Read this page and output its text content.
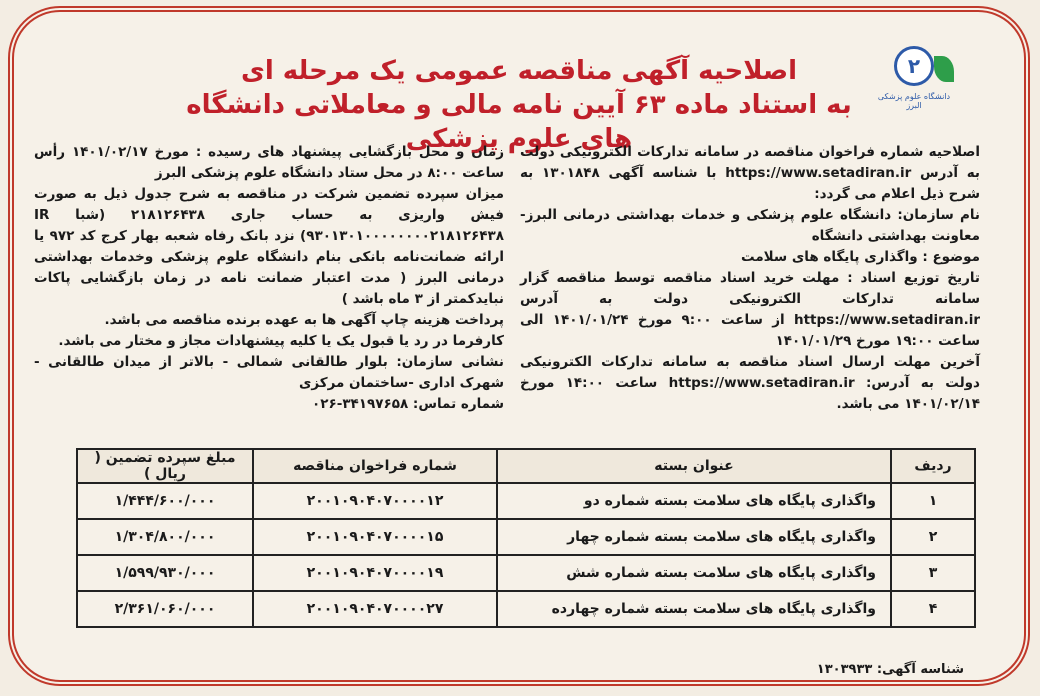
۲
دانشگاه علوم پزشکی البرز
اصلاحیه آگهی مناقصه عمومی یک مرحله ای
به استناد ماده ۶۳ آیین نامه مالی و معاملاتی دانشگاه های علوم پزشکی

اصلاحیه شماره فراخوان مناقصه در سامانه تدارکات الکترونیکی دولت به آدرس https://www.setadiran.ir با شناسه آگهی ۱۳۰۱۸۴۸ به شرح ذیل اعلام می گردد:

نام سازمان: دانشگاه علوم پزشکی و خدمات بهداشتی درمانی البرز- معاونت بهداشتی دانشگاه

موضوع : واگذاری پایگاه های سلامت

تاریخ توزیع اسناد : مهلت خرید اسناد مناقصه توسط مناقصه گزار سامانه تدارکات الکترونیکی دولت به آدرس https://www.setadiran.ir از ساعت ۹:۰۰ مورخ ۱۴۰۱/۰۱/۲۴ الی ساعت ۱۹:۰۰ مورخ ۱۴۰۱/۰۱/۲۹

آخرین مهلت ارسال اسناد مناقصه به سامانه تدارکات الکترونیکی دولت به آدرس: https://www.setadiran.ir ساعت ۱۴:۰۰ مورخ ۱۴۰۱/۰۲/۱۴ می باشد.

زمان و محل بازگشایی پیشنهاد های رسیده : مورخ ۱۴۰۱/۰۲/۱۷ رأس ساعت ۸:۰۰ در محل ستاد دانشگاه علوم پزشکی البرز

میزان سپرده تضمین شرکت در مناقصه به شرح جدول ذیل به صورت فیش واریزی به حساب جاری ۲۱۸۱۲۶۴۳۸ (شبا IR ۹۳۰۱۳۰۱۰۰۰۰۰۰۰۰۲۱۸۱۲۶۴۳۸) نزد بانک رفاه شعبه بهار کرج کد ۹۷۲ یا ارائه ضمانت‌نامه بانکی بنام دانشگاه علوم پزشکی وخدمات بهداشتی درمانی البرز ( مدت اعتبار ضمانت نامه در زمان بازگشایی پاکات نبایدکمتر از ۳ ماه باشد )

پرداخت هزینه چاپ آگهی ها به عهده برنده مناقصه می باشد.

کارفرما در رد یا قبول یک یا کلیه پیشنهادات مجاز و مختار می باشد.

نشانی سازمان: بلوار طالقانی شمالی - بالاتر از میدان طالقانی - شهرک اداری -ساختمان مرکزی

شماره تماس: ۳۴۱۹۷۶۵۸-۰۲۶

ردیف	عنوان بسته	شماره فراخوان مناقصه	مبلغ سپرده تضمین ( ریال )
۱	واگذاری پایگاه های سلامت بسته شماره دو	۲۰۰۱۰۹۰۴۰۷۰۰۰۰۱۲	۱/۴۴۴/۶۰۰/۰۰۰
۲	واگذاری پایگاه های سلامت بسته شماره چهار	۲۰۰۱۰۹۰۴۰۷۰۰۰۰۱۵	۱/۳۰۴/۸۰۰/۰۰۰
۳	واگذاری پایگاه های سلامت بسته شماره شش	۲۰۰۱۰۹۰۴۰۷۰۰۰۰۱۹	۱/۵۹۹/۹۳۰/۰۰۰
۴	واگذاری پایگاه های سلامت بسته شماره چهارده	۲۰۰۱۰۹۰۴۰۷۰۰۰۰۲۷	۲/۳۶۱/۰۶۰/۰۰۰
شناسه آگهی: ۱۳۰۳۹۳۳
